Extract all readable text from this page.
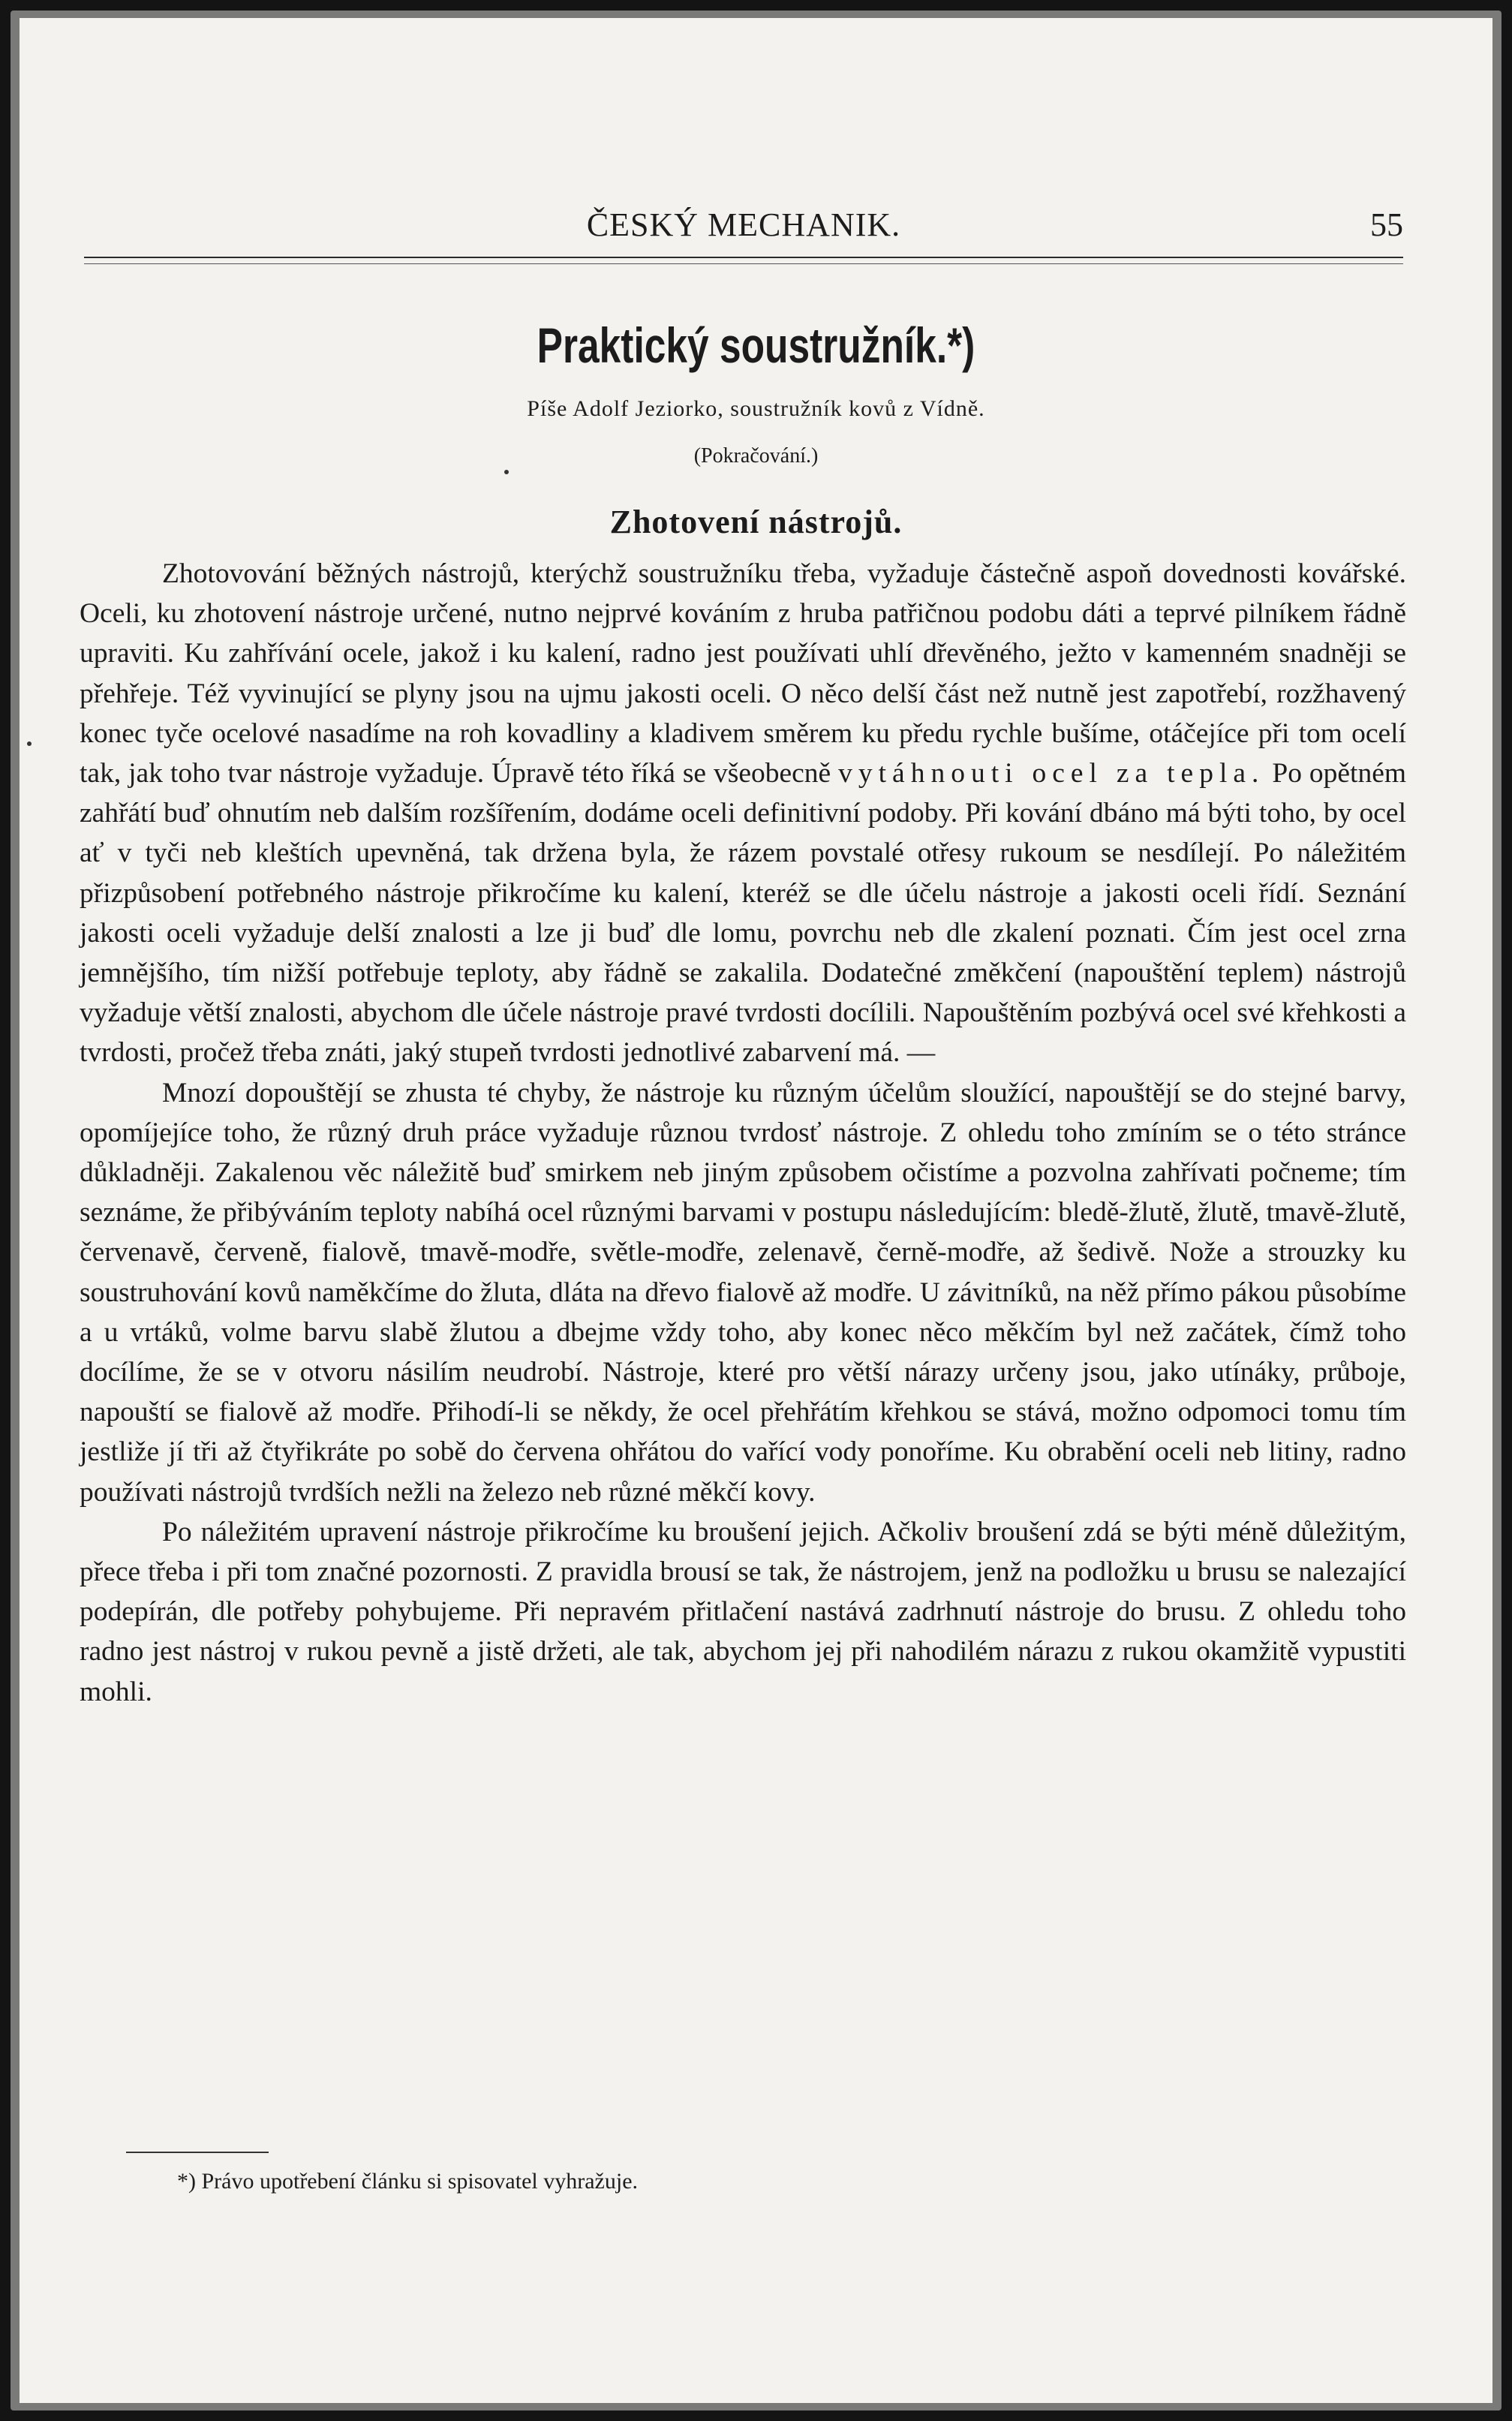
ČESKÝ MECHANIK.	55
Praktický soustružník.*)
Píše Adolf Jeziorko, soustružník kovů z Vídně.
(Pokračování.)
Zhotovení nástrojů.

Zhotovování běžných nástrojů, kterýchž soustružníku třeba, vyžaduje částečně aspoň dovednosti kovářské. Oceli, ku zhotovení nástroje určené, nutno nejprvé kováním z hruba patřičnou podobu dáti a teprvé pilníkem řádně upraviti. Ku zahřívání ocele, jakož i ku kalení, radno jest používati uhlí dřevěného, ježto v kamenném snadněji se přehřeje. Též vyvinující se plyny jsou na ujmu jakosti oceli. O něco delší část než nutně jest zapotřebí, rozžhavený konec tyče ocelové nasadíme na roh kovadliny a kladivem směrem ku předu rychle bušíme, otáčejíce při tom ocelí tak, jak toho tvar nástroje vyžaduje. Úpravě této říká se všeobecně vytáhnouti ocel za tepla. Po opětném zahřátí buď ohnutím neb dalším rozšířením, dodáme oceli definitivní podoby. Při kování dbáno má býti toho, by ocel ať v tyči neb kleštích upevněná, tak držena byla, že rázem povstalé otřesy rukoum se nesdílejí. Po náležitém přizpůsobení potřebného nástroje přikročíme ku kalení, kteréž se dle účelu nástroje a jakosti oceli řídí. Seznání jakosti oceli vyžaduje delší znalosti a lze ji buď dle lomu, povrchu neb dle zkalení poznati. Čím jest ocel zrna jemnějšího, tím nižší potřebuje teploty, aby řádně se zakalila. Dodatečné změkčení (napouštění teplem) nástrojů vyžaduje větší znalosti, abychom dle účele nástroje pravé tvrdosti docílili. Napouštěním pozbývá ocel své křehkosti a tvrdosti, pročež třeba znáti, jaký stupeň tvrdosti jednotlivé zabarvení má. —

Mnozí dopouštějí se zhusta té chyby, že nástroje ku různým účelům sloužící, napouštějí se do stejné barvy, opomíjejíce toho, že různý druh práce vyžaduje různou tvrdosť nástroje. Z ohledu toho zmíním se o této stránce důkladněji. Zakalenou věc náležitě buď smirkem neb jiným způsobem očistíme a pozvolna zahřívati počneme; tím seznáme, že přibýváním teploty nabíhá ocel různými barvami v postupu následujícím: bledě-žlutě, žlutě, tmavě-žlutě, červenavě, červeně, fialově, tmavě-modře, světle-modře, zelenavě, černě-modře, až šedivě. Nože a strouzky ku soustruhování kovů naměkčíme do žluta, dláta na dřevo fialově až modře. U závitníků, na něž přímo pákou působíme a u vrtáků, volme barvu slabě žlutou a dbejme vždy toho, aby konec něco měkčím byl než začátek, čímž toho docílíme, že se v otvoru násilím neudrobí. Nástroje, které pro větší nárazy určeny jsou, jako utínáky, průboje, napouští se fialově až modře. Přihodí-li se někdy, že ocel přehřátím křehkou se stává, možno odpomoci tomu tím jestliže jí tři až čtyřikráte po sobě do červena ohřátou do vařící vody ponoříme. Ku obrabění oceli neb litiny, radno používati nástrojů tvrdších nežli na železo neb různé měkčí kovy.

Po náležitém upravení nástroje přikročíme ku broušení jejich. Ačkoliv broušení zdá se býti méně důležitým, přece třeba i při tom značné pozornosti. Z pravidla brousí se tak, že nástrojem, jenž na podložku u brusu se nalezající podepírán, dle potřeby pohybujeme. Při nepravém přitlačení nastává zadrhnutí nástroje do brusu. Z ohledu toho radno jest nástroj v rukou pevně a jistě držeti, ale tak, abychom jej při nahodilém nárazu z rukou okamžitě vypustiti mohli.

*) Právo upotřebení článku si spisovatel vyhražuje.
